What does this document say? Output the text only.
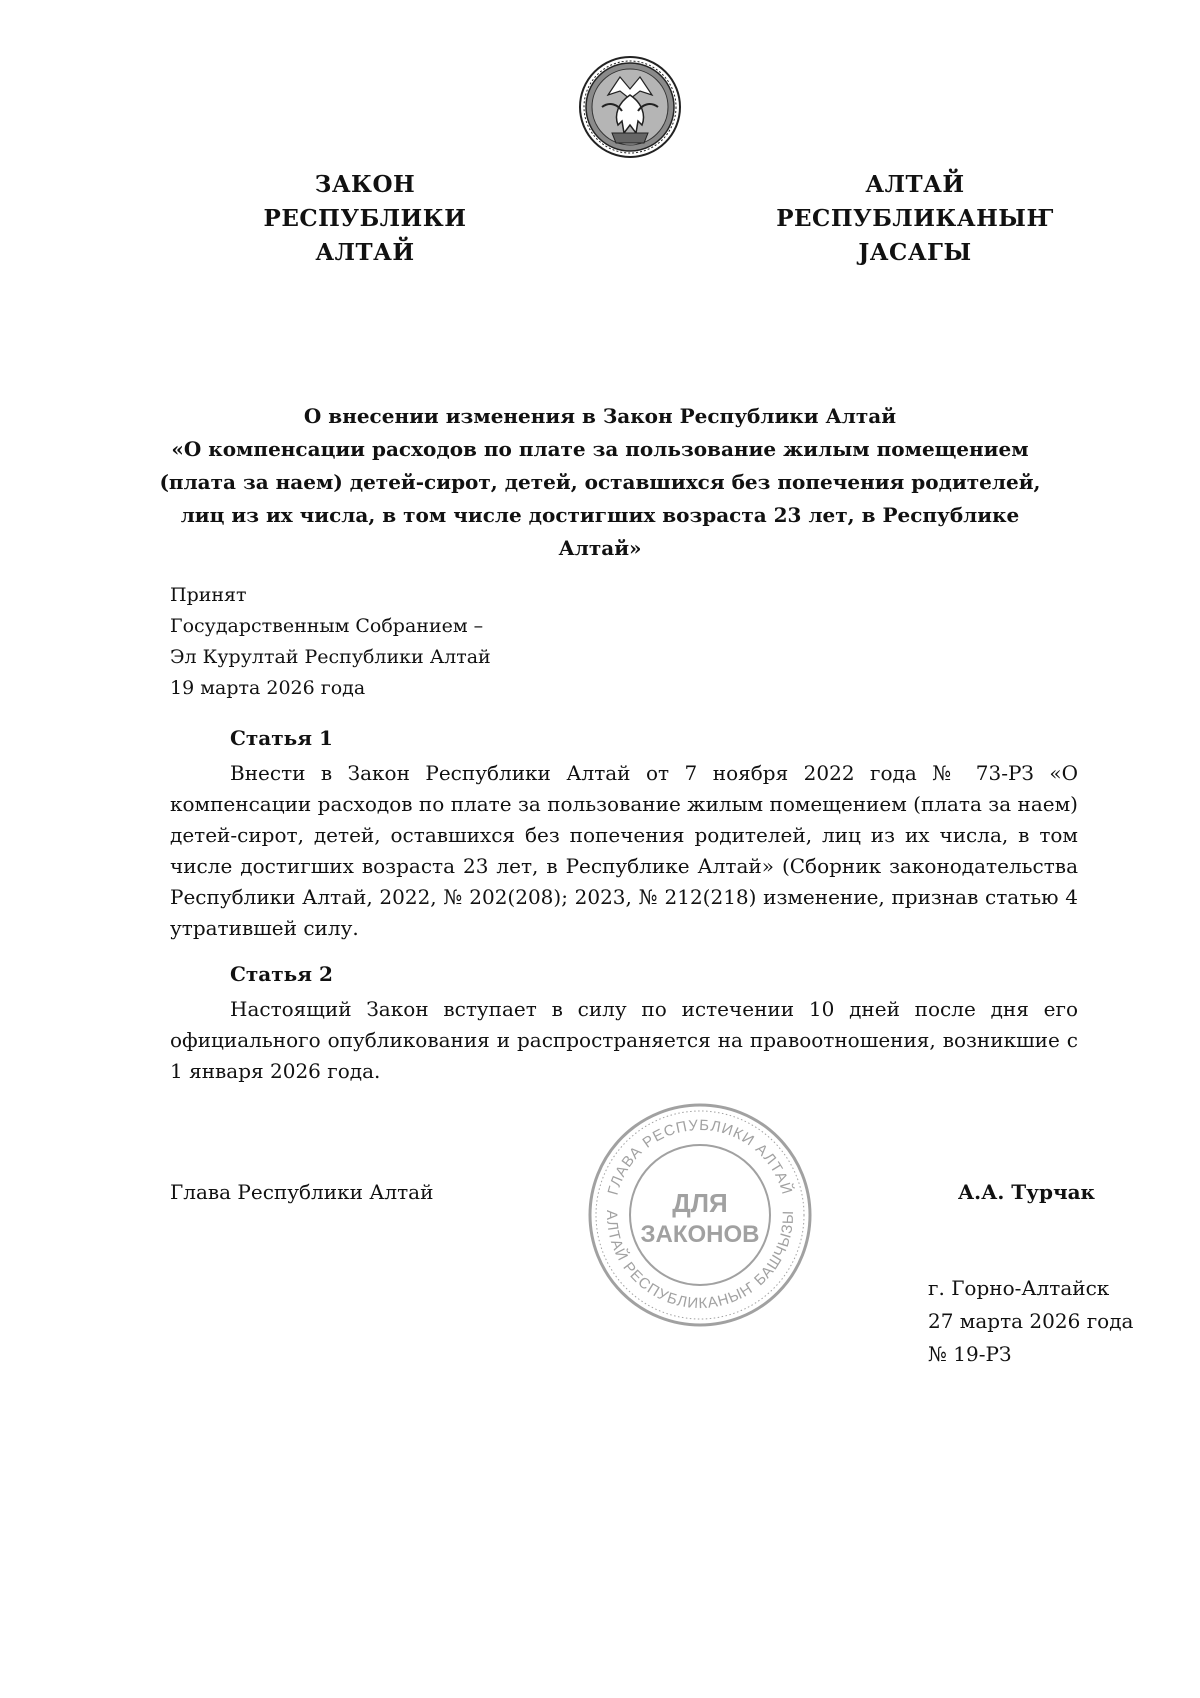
ЗАКОН
РЕСПУБЛИКИ АЛТАЙ
АЛТАЙ РЕСПУБЛИКАНЫҤ
ЈАСАГЫ
О внесении изменения в Закон Республики Алтай
«О компенсации расходов по плате за пользование жилым помещением
(плата за наем) детей-сирот, детей, оставшихся без попечения родителей,
лиц из их числа, в том числе достигших возраста 23 лет, в Республике Алтай»
Принят
Государственным Собранием –
Эл Курултай Республики Алтай
19 марта 2026 года
Статья 1
Внести в Закон Республики Алтай от 7 ноября 2022 года № 73-РЗ «О компенсации расходов по плате за пользование жилым помещением (плата за наем) детей-сирот, детей, оставшихся без попечения родителей, лиц из их числа, в том числе достигших возраста 23 лет, в Республике Алтай» (Сборник законодательства Республики Алтай, 2022, № 202(208); 2023, № 212(218) изменение, признав статью 4 утратившей силу.
Статья 2
Настоящий Закон вступает в силу по истечении 10 дней после дня его официального опубликования и распространяется на правоотношения, возникшие с 1 января 2026 года.
Глава Республики Алтай	ГЛАВА РЕСПУБЛИКИ АЛТАЙ
АЛТАЙ РЕСПУБЛИКАНЫҤ БАШЧЫЗЫ
ДЛЯ
ЗАКОНОВ
А.А. Турчак
г. Горно-Алтайск
27 марта 2026 года
№ 19-РЗ
